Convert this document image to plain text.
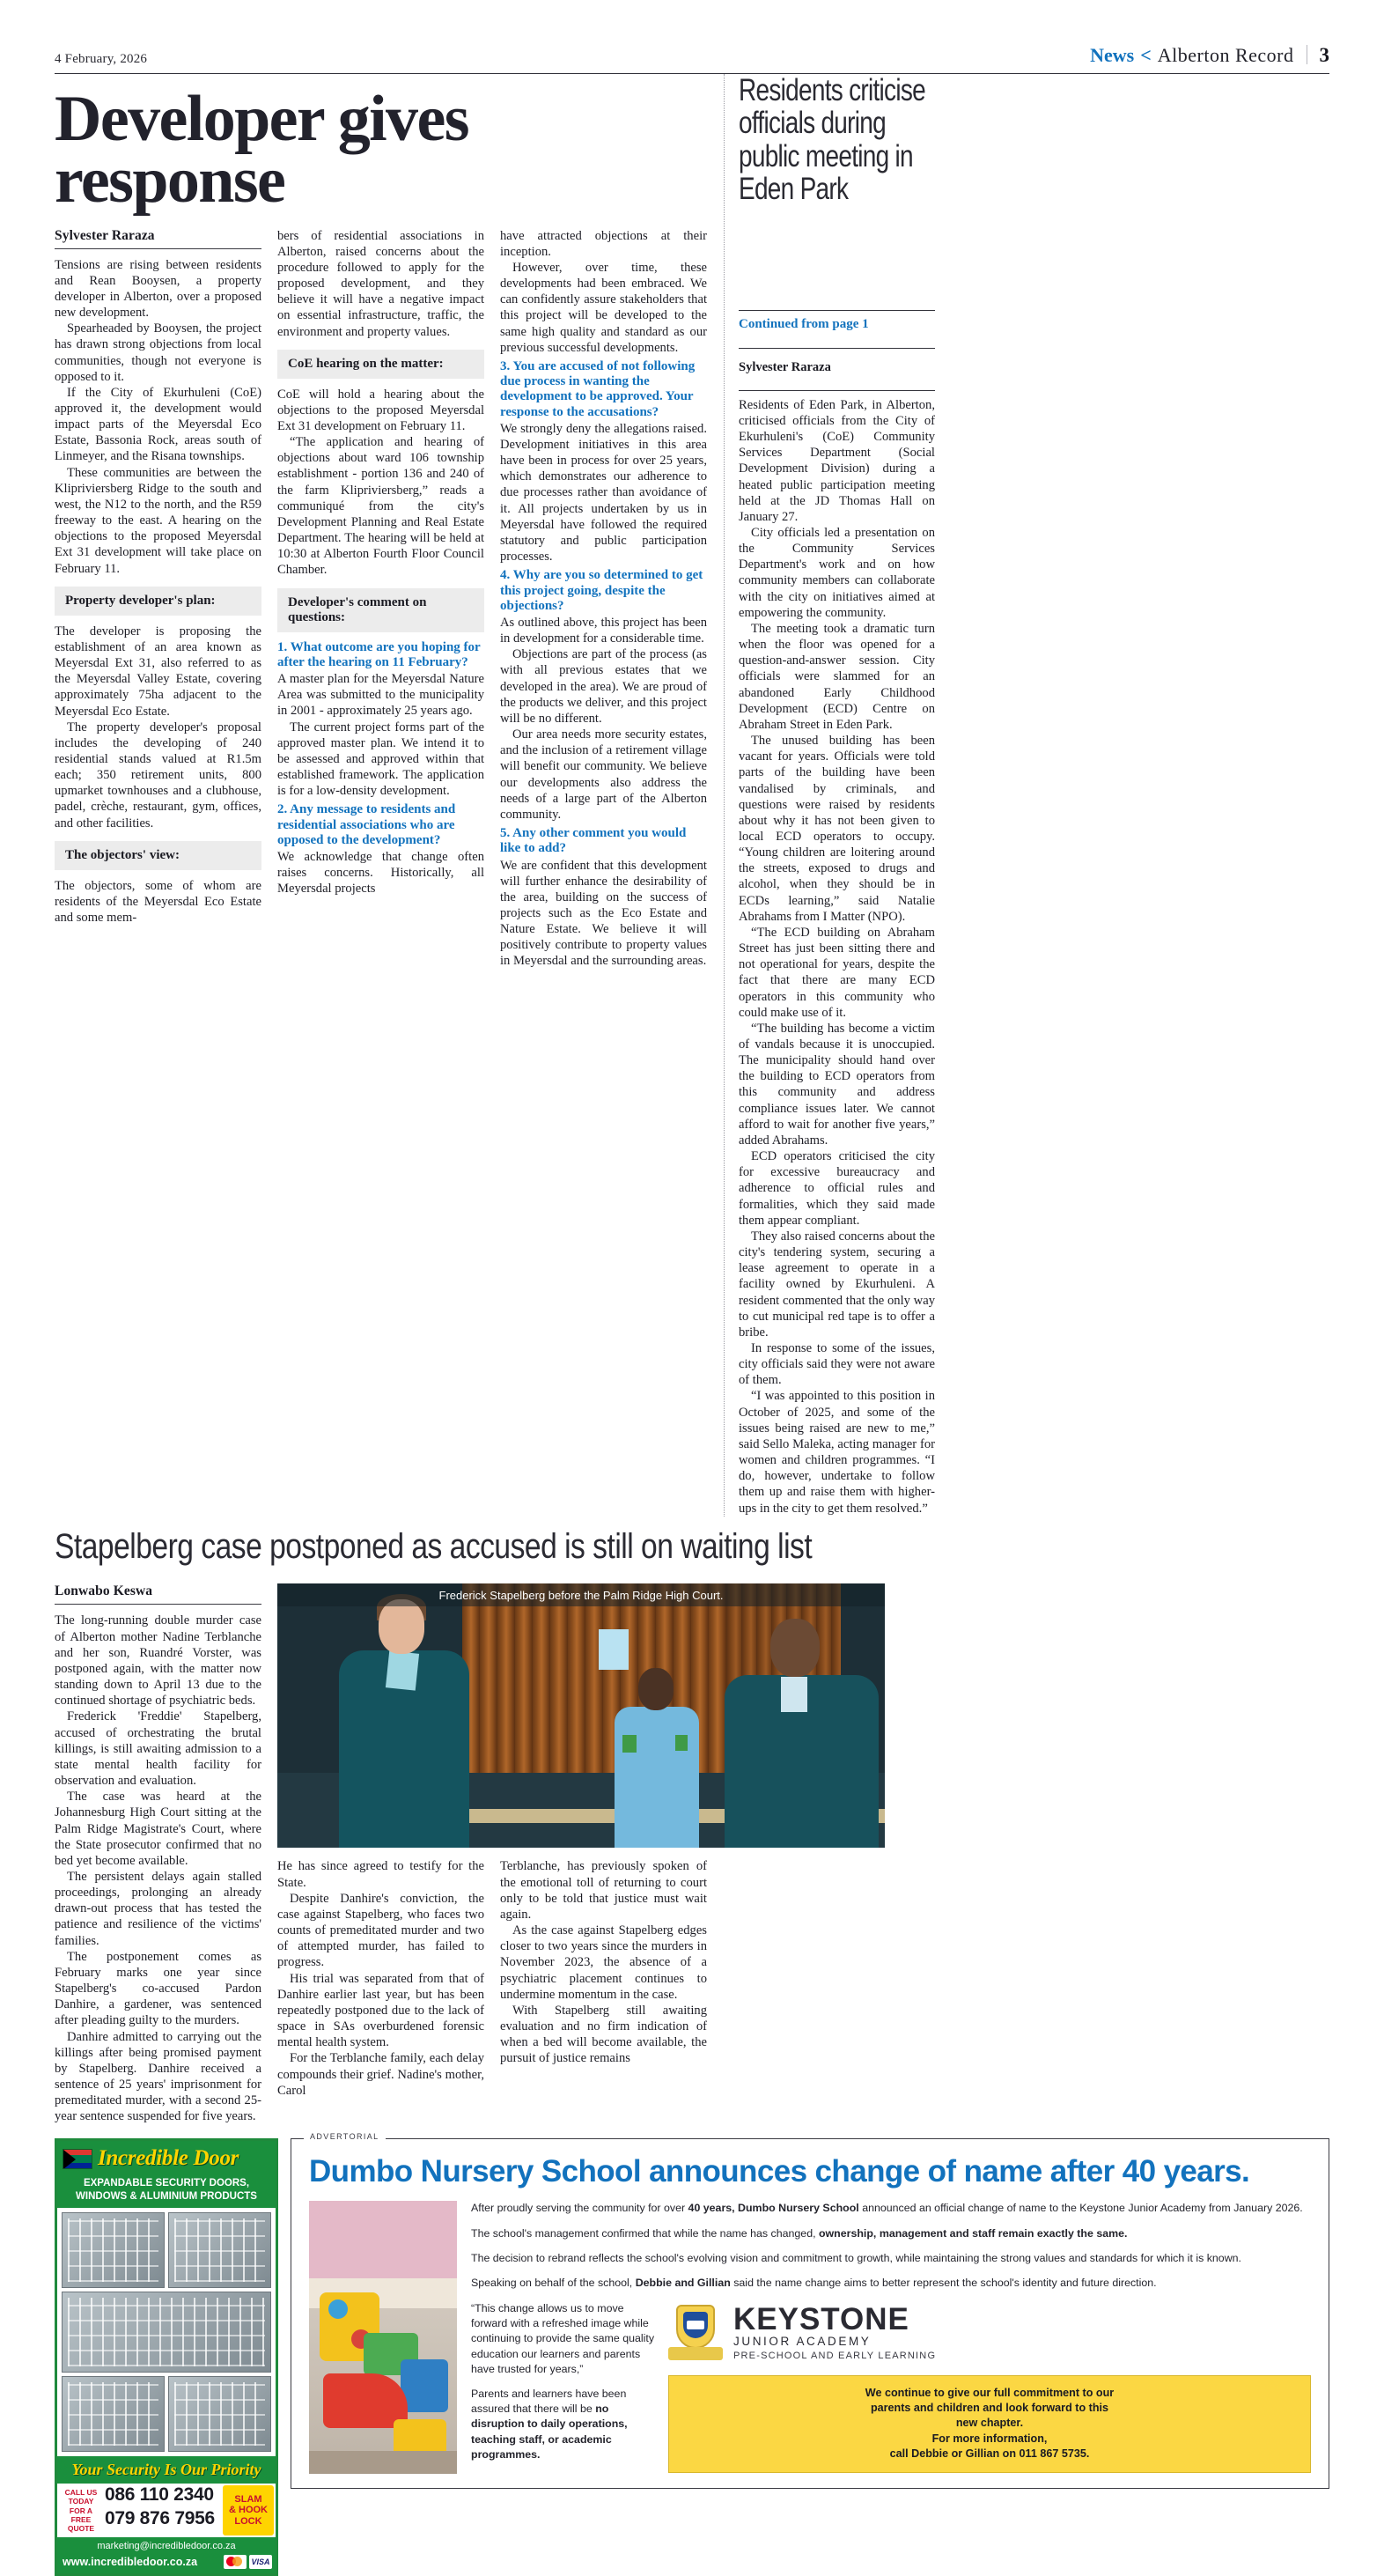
4 February, 2026	News < Alberton Record 3
Developer gives response
Sylvester Raraza

Tensions are rising between residents and Rean Booysen, a property developer in Alberton, over a proposed new development.

Spearheaded by Booysen, the project has drawn strong objections from local communities, though not everyone is opposed to it.

If the City of Ekurhuleni (CoE) approved it, the development would impact parts of the Meyersdal Eco Estate, Bassonia Rock, areas south of Linmeyer, and the Risana townships.

These communities are between the Klipriviersberg Ridge to the south and west, the N12 to the north, and the R59 freeway to the east. A hearing on the objections to the proposed Meyersdal Ext 31 development will take place on February 11.

Property developer's plan:

The developer is proposing the establishment of an area known as Meyersdal Ext 31, also referred to as the Meyersdal Valley Estate, covering approximately 75ha adjacent to the Meyersdal Eco Estate.

The property developer's proposal includes the developing of 240 residential stands valued at R1.5m each; 350 retirement units, 800 upmarket townhouses and a clubhouse, padel, crèche, restaurant, gym, offices, and other facilities.

The objectors' view:

The objectors, some of whom are residents of the Meyersdal Eco Estate and some mem-

bers of residential associations in Alberton, raised concerns about the procedure followed to apply for the proposed development, and they believe it will have a negative impact on essential infrastructure, traffic, the environment and property values.

CoE hearing on the matter:

CoE will hold a hearing about the objections to the proposed Meyersdal Ext 31 development on February 11.

“The application and hearing of objections about ward 106 township establishment - portion 136 and 240 of the farm Klipriviersberg,” reads a communiqué from the city's Development Planning and Real Estate Department. The hearing will be held at 10:30 at Alberton Fourth Floor Council Chamber.

Developer's comment on questions:
1. What outcome are you hoping for after the hearing on 11 February?

A master plan for the Meyersdal Nature Area was submitted to the municipality in 2001 - approximately 25 years ago.

The current project forms part of the approved master plan. We intend it to be assessed and approved within that established framework. The application is for a low-density development.

2. Any message to residents and residential associations who are opposed to the development?

We acknowledge that change often raises concerns. Historically, all Meyersdal projects

have attracted objections at their inception.

However, over time, these developments had been embraced. We can confidently assure stakeholders that this project will be developed to the same high quality and standard as our previous successful developments.

3. You are accused of not following due process in wanting the development to be approved. Your response to the accusations?

We strongly deny the allegations raised. Development initiatives in this area have been in process for over 25 years, which demonstrates our adherence to due processes rather than avoidance of it. All projects undertaken by us in Meyersdal have followed the required statutory and public participation processes.

4. Why are you so determined to get this project going, despite the objections?

As outlined above, this project has been in development for a considerable time.

Objections are part of the process (as with all previous estates that we developed in the area). We are proud of the products we deliver, and this project will be no different.

Our area needs more security estates, and the inclusion of a retirement village will benefit our community. We believe our developments also address the needs of a large part of the Alberton community.

5. Any other comment you would like to add?

We are confident that this development will further enhance the desirability of the area, building on the success of projects such as the Eco Estate and Nature Estate. We believe it will positively contribute to property values in Meyersdal and the surrounding areas.

Residents criticise officials during public meeting in Eden Park
Continued from page 1
Sylvester Raraza

Residents of Eden Park, in Alberton, criticised officials from the City of Ekurhuleni's (CoE) Community Services Department (Social Development Division) during a heated public participation meeting held at the JD Thomas Hall on January 27.

City officials led a presentation on the Community Services Department's work and on how community members can collaborate with the city on initiatives aimed at empowering the community.

The meeting took a dramatic turn when the floor was opened for a question-and-answer session. City officials were slammed for an abandoned Early Childhood Development (ECD) Centre on Abraham Street in Eden Park.

The unused building has been vacant for years. Officials were told parts of the building have been vandalised by criminals, and questions were raised by residents about why it has not been given to local ECD operators to occupy. “Young children are loitering around the streets, exposed to drugs and alcohol, when they should be in ECDs learning,” said Natalie Abrahams from I Matter (NPO).

“The ECD building on Abraham Street has just been sitting there and not operational for years, despite the fact that there are many ECD operators in this community who could make use of it.

“The building has become a victim of vandals because it is unoccupied. The municipality should hand over the building to ECD operators from this community and address compliance issues later. We cannot afford to wait for another five years,” added Abrahams.

ECD operators criticised the city for excessive bureaucracy and adherence to official rules and formalities, which they said made them appear compliant.

They also raised concerns about the city's tendering system, securing a lease agreement to operate in a facility owned by Ekurhuleni. A resident commented that the only way to cut municipal red tape is to offer a bribe.

In response to some of the issues, city officials said they were not aware of them.

“I was appointed to this position in October of 2025, and some of the issues being raised are new to me,” said Sello Maleka, acting manager for women and children programmes. “I do, however, undertake to follow them up and raise them with higher-ups in the city to get them resolved.”

Stapelberg case postponed as accused is still on waiting list
Lonwabo Keswa

The long-running double murder case of Alberton mother Nadine Terblanche and her son, Ruandré Vorster, was postponed again, with the matter now standing down to April 13 due to the continued shortage of psychiatric beds.

Frederick 'Freddie' Stapelberg, accused of orchestrating the brutal killings, is still awaiting admission to a state mental health facility for observation and evaluation.

The case was heard at the Johannesburg High Court sitting at the Palm Ridge Magistrate's Court, where the State prosecutor confirmed that no bed yet become available.

The persistent delays again stalled proceedings, prolonging an already drawn-out process that has tested the patience and resilience of the victims' families.

The postponement comes as February marks one year since Stapelberg's co-accused Pardon Danhire, a gardener, was sentenced after pleading guilty to the murders.

Danhire admitted to carrying out the killings after being promised payment by Stapelberg. Danhire received a sentence of 25 years' imprisonment for premeditated murder, with a second 25-year sentence suspended for five years.

Frederick Stapelberg before the Palm Ridge High Court.

He has since agreed to testify for the State.

Despite Danhire's conviction, the case against Stapelberg, who faces two counts of premeditated murder and two of attempted murder, has failed to progress.

His trial was separated from that of Danhire earlier last year, but has been repeatedly postponed due to the lack of space in SAs overburdened forensic mental health system.

For the Terblanche family, each delay compounds their grief. Nadine's mother, Carol

Terblanche, has previously spoken of the emotional toll of returning to court only to be told that justice must wait again.

As the case against Stapelberg edges closer to two years since the murders in November 2023, the absence of a psychiatric placement continues to undermine momentum in the case.

With Stapelberg still awaiting evaluation and no firm indication of when a bed will become available, the pursuit of justice remains

Incredible Door
EXPANDABLE SECURITY DOORS,
WINDOWS & ALUMINIUM PRODUCTS
Your Security Is Our Priority
CALL US
TODAY
FOR A FREE
QUOTE
086 110 2340
079 876 7956
SLAM
& HOOK
LOCK
marketing@incredibledoor.co.za
www.incredibledoor.co.za	VISA
ADVERTORIAL
Dumbo Nursery School announces change of name after 40 years.
After proudly serving the community for over 40 years, Dumbo Nursery School announced an official change of name to the Keystone Junior Academy from January 2026.
The school's management confirmed that while the name has changed, ownership, management and staff remain exactly the same.
The decision to rebrand reflects the school's evolving vision and commitment to growth, while maintaining the strong values and standards for which it is known.
Speaking on behalf of the school, Debbie and Gillian said the name change aims to better represent the school's identity and future direction.

“This change allows us to move forward with a refreshed image while continuing to provide the same quality education our learners and parents have trusted for years,”

Parents and learners have been assured that there will be no disruption to daily operations, teaching staff, or academic programmes.

KEYSTONE
JUNIOR ACADEMY
PRE-SCHOOL AND EARLY LEARNING
We continue to give our full commitment to our
parents and children and look forward to this
new chapter.
For more information,
call Debbie or Gillian on 011 867 5735.
